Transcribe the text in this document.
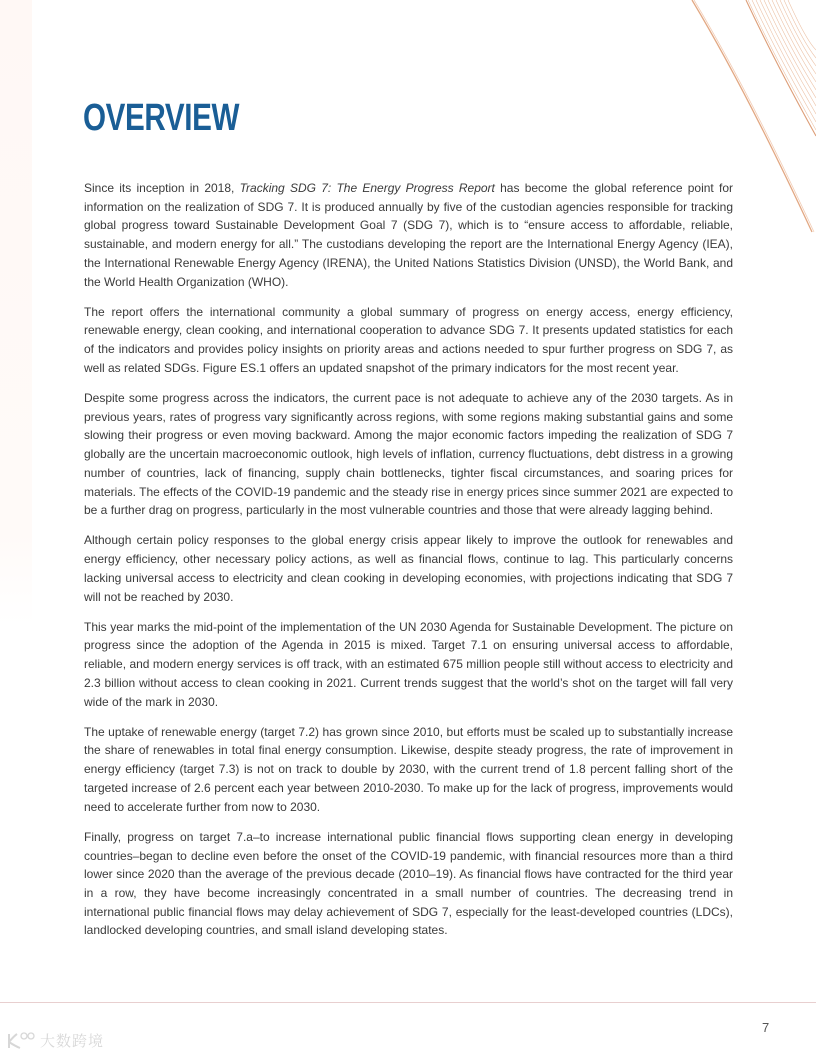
OVERVIEW

Since its inception in 2018, Tracking SDG 7: The Energy Progress Report has become the global reference point for information on the realization of SDG 7. It is produced annually by five of the custodian agencies responsible for tracking global progress toward Sustainable Development Goal 7 (SDG 7), which is to “ensure access to affordable, reliable, sustainable, and modern energy for all.” The custodians developing the report are the International Energy Agency (IEA), the International Renewable Energy Agency (IRENA), the United Nations Statistics Division (UNSD), the World Bank, and the World Health Organization (WHO).

The report offers the international community a global summary of progress on energy access, energy efficiency, renewable energy, clean cooking, and international cooperation to advance SDG 7. It presents updated statistics for each of the indicators and provides policy insights on priority areas and actions needed to spur further progress on SDG 7, as well as related SDGs. Figure ES.1 offers an updated snapshot of the primary indicators for the most recent year.

Despite some progress across the indicators, the current pace is not adequate to achieve any of the 2030 targets. As in previous years, rates of progress vary significantly across regions, with some regions making substantial gains and some slowing their progress or even moving backward. Among the major economic factors impeding the realization of SDG 7 globally are the uncertain macroeconomic outlook, high levels of inflation, currency fluctuations, debt distress in a growing number of countries, lack of financing, supply chain bottlenecks, tighter fiscal circumstances, and soaring prices for materials. The effects of the COVID-19 pandemic and the steady rise in energy prices since summer 2021 are expected to be a further drag on progress, particularly in the most vulnerable countries and those that were already lagging behind.

Although certain policy responses to the global energy crisis appear likely to improve the outlook for renewables and energy efficiency, other necessary policy actions, as well as financial flows, continue to lag. This particularly concerns lacking universal access to electricity and clean cooking in developing economies, with projections indicating that SDG 7 will not be reached by 2030.

This year marks the mid-point of the implementation of the UN 2030 Agenda for Sustainable Development. The picture on progress since the adoption of the Agenda in 2015 is mixed. Target 7.1 on ensuring universal access to affordable, reliable, and modern energy services is off track, with an estimated 675 million people still without access to electricity and 2.3 billion without access to clean cooking in 2021. Current trends suggest that the world’s shot on the target will fall very wide of the mark in 2030.

The uptake of renewable energy (target 7.2) has grown since 2010, but efforts must be scaled up to substantially increase the share of renewables in total final energy consumption. Likewise, despite steady progress, the rate of improvement in energy efficiency (target 7.3) is not on track to double by 2030, with the current trend of 1.8 percent falling short of the targeted increase of 2.6 percent each year between 2010-2030. To make up for the lack of progress, improvements would need to accelerate further from now to 2030.

Finally, progress on target 7.a–to increase international public financial flows supporting clean energy in developing countries–began to decline even before the onset of the COVID-19 pandemic, with financial resources more than a third lower since 2020 than the average of the previous decade (2010–19). As financial flows have contracted for the third year in a row, they have become increasingly concentrated in a small number of countries. The decreasing trend in international public financial flows may delay achievement of SDG 7, especially for the least-developed countries (LDCs), landlocked developing countries, and small island developing states.

大数跨境
7
